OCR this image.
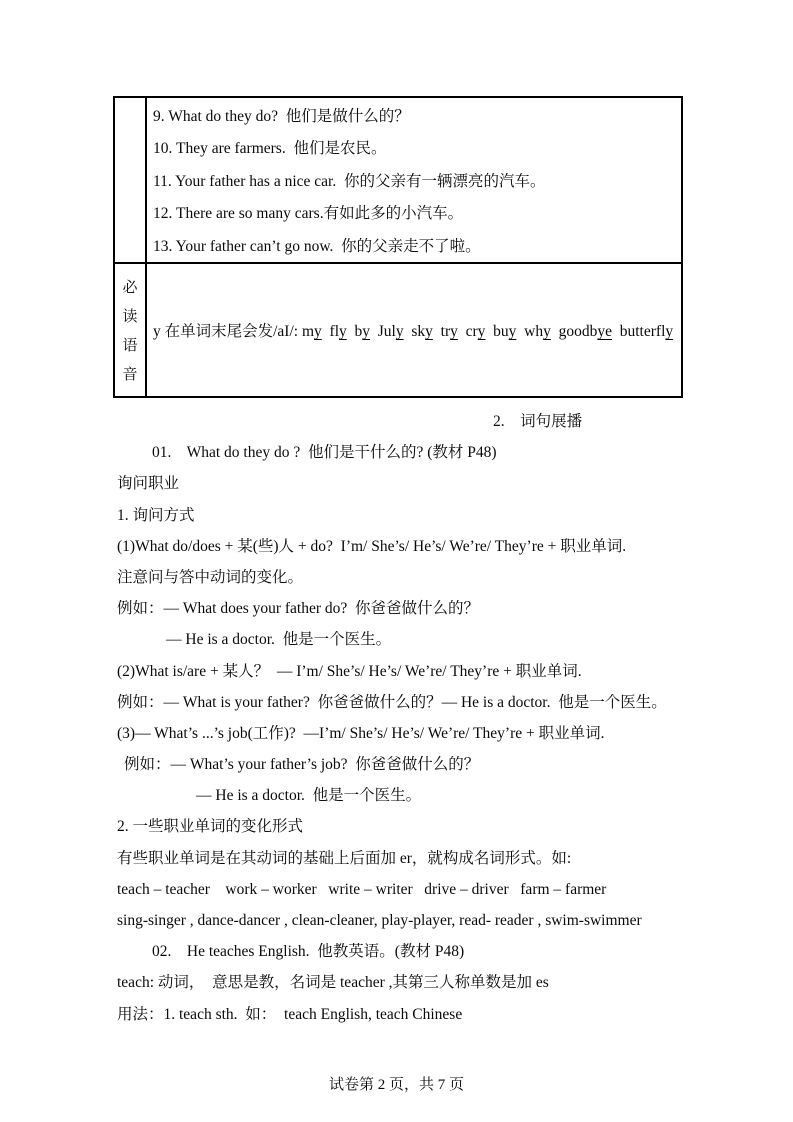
9. What do they do?  他们是做什么的？

10. They are farmers.  他们是农民。

11. Your father has a nice car.  你的父亲有一辆漂亮的汽车。

12. There are so many cars.有如此多的小汽车。

13. Your father can’t go now.  你的父亲走不了啦。

必
读
语
音

y 在单词末尾会发/aI/: my fly by July sky try cry buy why goodbye butterfly

2.    词句展播

01.    What do they do ?  他们是干什么的? (教材 P48)

询问职业

1. 询问方式

(1)What do/does + 某(些)人 + do?  I’m/ She’s/ He’s/ We’re/ They’re + 职业单词.

注意问与答中动词的变化。

例如：— What does your father do?  你爸爸做什么的？

— He is a doctor.  他是一个医生。

(2)What is/are + 某人？  — I’m/ She’s/ He’s/ We’re/ They’re + 职业单词.

例如：— What is your father?  你爸爸做什么的？— He is a doctor.  他是一个医生。

(3)— What’s ...’s job(工作)?  —I’m/ She’s/ He’s/ We’re/ They’re + 职业单词.

例如：— What’s your father’s job?  你爸爸做什么的？

— He is a doctor.  他是一个医生。

2. 一些职业单词的变化形式

有些职业单词是在其动词的基础上后面加 er，就构成名词形式。如:

teach – teacher    work – worker   write – writer   drive – driver   farm – farmer

sing-singer , dance-dancer , clean-cleaner, play-player, read- reader , swim-swimmer

02.    He teaches English.  他教英语。(教材 P48)

teach: 动词，  意思是教，名词是 teacher ,其第三人称单数是加 es

用法：1. teach sth.  如：  teach English, teach Chinese

试卷第 2 页，共 7 页
